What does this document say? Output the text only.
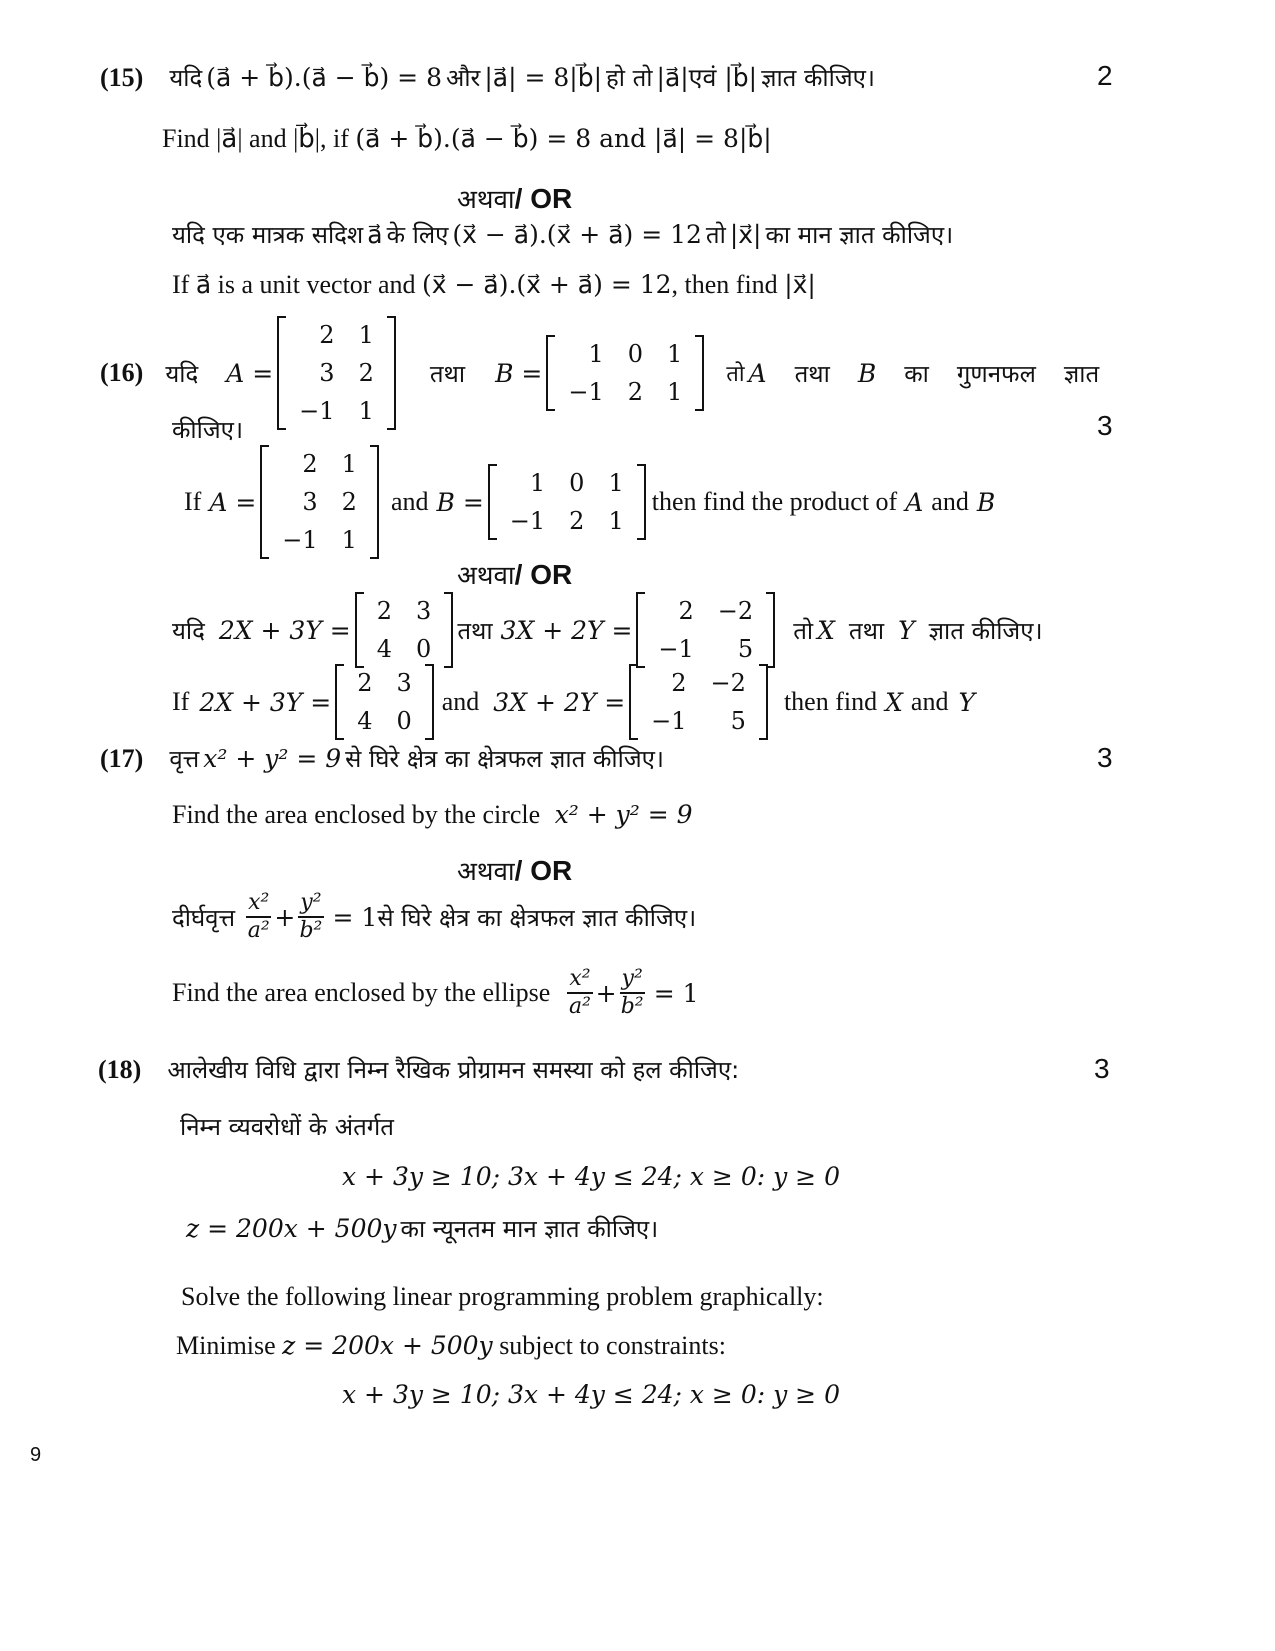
(15) यदि (a⃗ + b⃗).(a⃗ − b⃗) = 8 और |a⃗| = 8|b⃗| हो तो |a⃗|एवं |b⃗| ज्ञात कीजिए।	2
Find |a⃗| and |b⃗|, if (a⃗ + b⃗).(a⃗ − b⃗) = 8 and |a⃗| = 8|b⃗|
अथवा/ OR
यदि एक मात्रक सदिश a⃗ के लिए (x⃗ − a⃗).(x⃗ + a⃗) = 12 तो |x⃗| का मान ज्ञात कीजिए।
If a⃗ is a unit vector and (x⃗ − a⃗).(x⃗ + a⃗) = 12, then find |x⃗|
(16) यदि A =
2	1
3	2
−1	1
तथा B =
1	0	1
−1	2	1
तो A तथा B का गुणनफल ज्ञात
कीजिए।	3
If A =
2	1
3	2
−1	1
and B =
1	0	1
−1	2	1
then find the product of A and B
अथवा/ OR
यदि 2X + 3Y =
2	3
4	0
तथा 3X + 2Y =
2	−2
−1	5
तो X तथा Y ज्ञात कीजिए।
If 2X + 3Y =
2	3
4	0
and 3X + 2Y =
2	−2
−1	5
then find X and Y
(17) वृत्त x² + y² = 9 से घिरे क्षेत्र का क्षेत्रफल ज्ञात कीजिए।	3
Find the area enclosed by the circle x² + y² = 9
अथवा/ OR
दीर्घवृत्त $\frac{\text{x²}}{\text{a²}} + \frac{\text{y²}}{\text{b²}} = 1$ से घिरे क्षेत्र का क्षेत्रफल ज्ञात कीजिए।
Find the area enclosed by the ellipse $\frac{\text{x²}}{\text{a²}} + \frac{\text{y²}}{\text{b²}} = 1$
(18) आलेखीय विधि द्वारा निम्न रैखिक प्रोग्रामन समस्या को हल कीजिए:	3
निम्न व्यवरोधों के अंतर्गत
x + 3y ≥ 10; 3x + 4y ≤ 24; x ≥ 0: y ≥ 0
z = 200x + 500y का न्यूनतम मान ज्ञात कीजिए।
Solve the following linear programming problem graphically:
Minimise z = 200x + 500y subject to constraints:
x + 3y ≥ 10; 3x + 4y ≤ 24; x ≥ 0: y ≥ 0
9
